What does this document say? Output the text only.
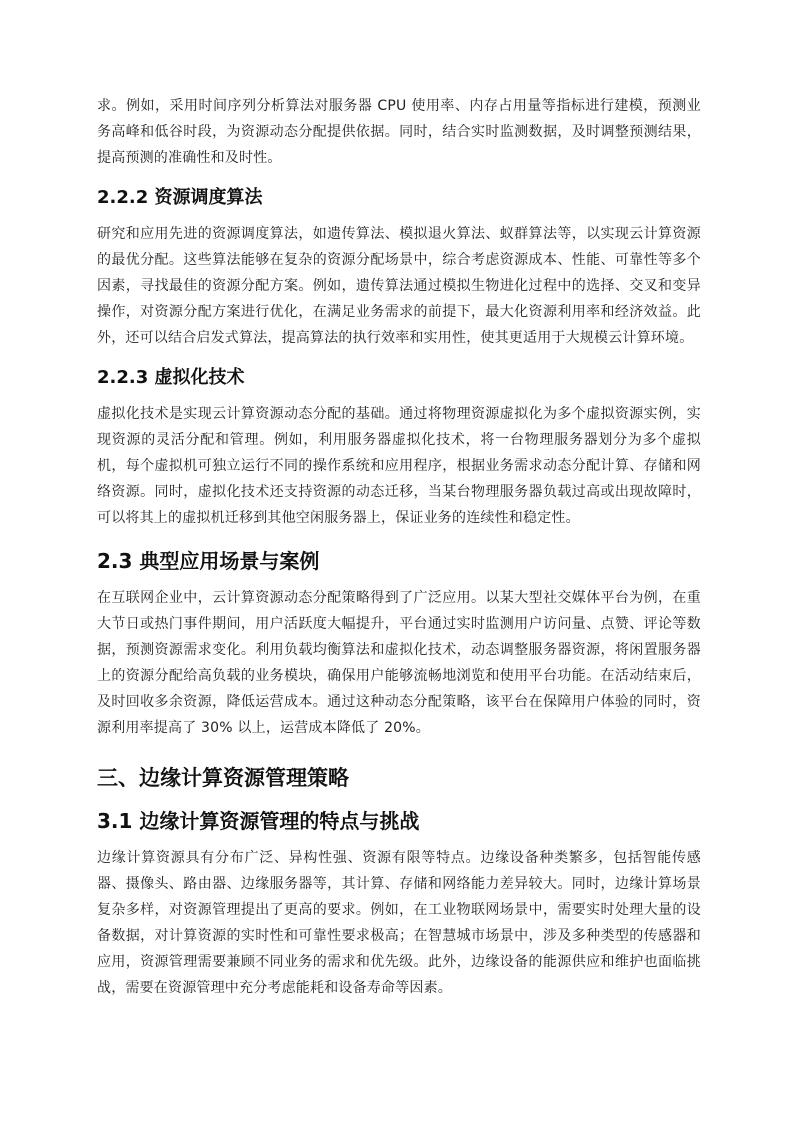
求。例如，采用时间序列分析算法对服务器 CPU 使用率、内存占用量等指标进行建模，预测业务高峰和低谷时段，为资源动态分配提供依据。同时，结合实时监测数据，及时调整预测结果，提高预测的准确性和及时性。

2.2.2 资源调度算法

研究和应用先进的资源调度算法，如遗传算法、模拟退火算法、蚁群算法等，以实现云计算资源的最优分配。这些算法能够在复杂的资源分配场景中，综合考虑资源成本、性能、可靠性等多个因素，寻找最佳的资源分配方案。例如，遗传算法通过模拟生物进化过程中的选择、交叉和变异操作，对资源分配方案进行优化，在满足业务需求的前提下，最大化资源利用率和经济效益。此外，还可以结合启发式算法，提高算法的执行效率和实用性，使其更适用于大规模云计算环境。

2.2.3 虚拟化技术

虚拟化技术是实现云计算资源动态分配的基础。通过将物理资源虚拟化为多个虚拟资源实例，实现资源的灵活分配和管理。例如，利用服务器虚拟化技术，将一台物理服务器划分为多个虚拟机，每个虚拟机可独立运行不同的操作系统和应用程序，根据业务需求动态分配计算、存储和网络资源。同时，虚拟化技术还支持资源的动态迁移，当某台物理服务器负载过高或出现故障时，可以将其上的虚拟机迁移到其他空闲服务器上，保证业务的连续性和稳定性。

2.3 典型应用场景与案例

在互联网企业中，云计算资源动态分配策略得到了广泛应用。以某大型社交媒体平台为例，在重大节日或热门事件期间，用户活跃度大幅提升，平台通过实时监测用户访问量、点赞、评论等数据，预测资源需求变化。利用负载均衡算法和虚拟化技术，动态调整服务器资源，将闲置服务器上的资源分配给高负载的业务模块，确保用户能够流畅地浏览和使用平台功能。在活动结束后，及时回收多余资源，降低运营成本。通过这种动态分配策略，该平台在保障用户体验的同时，资源利用率提高了 30% 以上，运营成本降低了 20%。

三、边缘计算资源管理策略
3.1 边缘计算资源管理的特点与挑战

边缘计算资源具有分布广泛、异构性强、资源有限等特点。边缘设备种类繁多，包括智能传感器、摄像头、路由器、边缘服务器等，其计算、存储和网络能力差异较大。同时，边缘计算场景复杂多样，对资源管理提出了更高的要求。例如，在工业物联网场景中，需要实时处理大量的设备数据，对计算资源的实时性和可靠性要求极高；在智慧城市场景中，涉及多种类型的传感器和应用，资源管理需要兼顾不同业务的需求和优先级。此外，边缘设备的能源供应和维护也面临挑战，需要在资源管理中充分考虑能耗和设备寿命等因素。
